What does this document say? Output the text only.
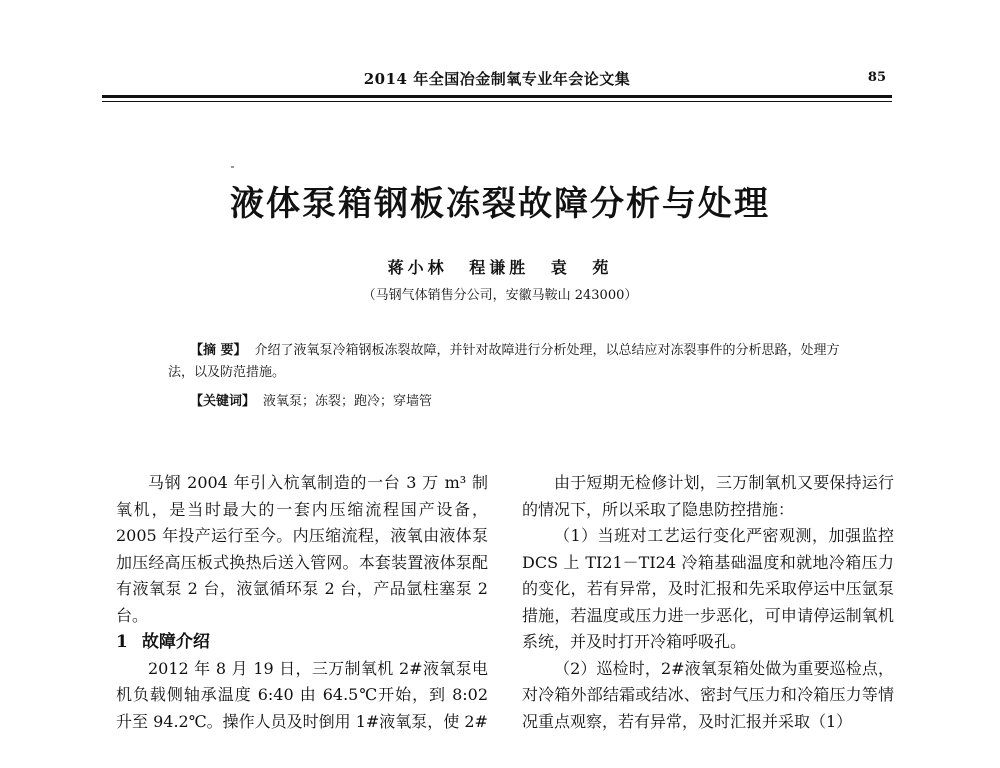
2014 年全国冶金制氧专业年会论文集	85
液体泵箱钢板冻裂故障分析与处理
蒋小林 程谦胜 袁 苑
（马钢气体销售分公司，安徽马鞍山 243000）
【摘 要】 介绍了液氧泵冷箱钢板冻裂故障，并针对故障进行分析处理，以总结应对冻裂事件的分析思路，处理方法，以及防范措施。
【关键词】 液氧泵；冻裂；跑冷；穿墙管

马钢 2004 年引入杭氧制造的一台 3 万 m³ 制氧机，是当时最大的一套内压缩流程国产设备，2005 年投产运行至今。内压缩流程，液氧由液体泵加压经高压板式换热后送入管网。本套装置液体泵配有液氧泵 2 台，液氩循环泵 2 台，产品氩柱塞泵 2 台。

1 故障介绍

2012 年 8 月 19 日，三万制氧机 2#液氧泵电机负载侧轴承温度 6:40 由 64.5℃开始，到 8:02 升至 94.2℃。操作人员及时倒用 1#液氧泵，使 2#

由于短期无检修计划，三万制氧机又要保持运行的情况下，所以采取了隐患防控措施：

（1）当班对工艺运行变化严密观测，加强监控 DCS 上 TI21－TI24 冷箱基础温度和就地冷箱压力的变化，若有异常，及时汇报和先采取停运中压氩泵措施，若温度或压力进一步恶化，可申请停运制氧机系统，并及时打开冷箱呼吸孔。

（2）巡检时，2#液氧泵箱处做为重要巡检点，对冷箱外部结霜或结冰、密封气压力和冷箱压力等情况重点观察，若有异常，及时汇报并采取（1）
